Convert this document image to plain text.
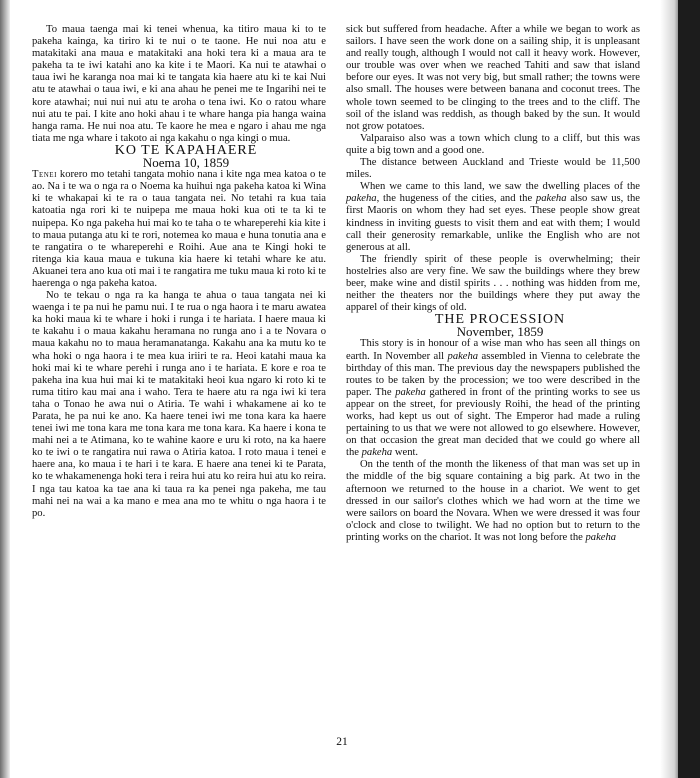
To maua taenga mai ki tenei whenua, ka titiro maua ki to te pakeha kainga, ka tiriro ki te nui o te taone. He nui noa atu e matakitaki ana maua e matakitaki ana hoki tera ki a maua ara te pakeha ta te iwi katahi ano ka kite i te Maori. Ka nui te atawhai o taua iwi he karanga noa mai ki te tangata kia haere atu ki te kai Nui atu te atawhai o taua iwi, e ki ana ahau he penei me te Ingarihi nei te kore atawhai; nui nui nui atu te aroha o tena iwi. Ko o ratou whare nui atu te pai. I kite ano hoki ahau i te whare hanga pia hanga waina hanga rama. He nui noa atu. Te kaore he mea e ngaro i ahau me nga tiata me nga whare i takoto ai nga kakahu o nga kingi o mua.

KO TE KAPAHAERE

Noema 10, 1859

Tenei korero mo tetahi tangata mohio nana i kite nga mea katoa o te ao. Na i te wa o nga ra o Noema ka huihui nga pakeha katoa ki Wina ki te whakapai ki te ra o taua tangata nei. No tetahi ra kua taia katoatia nga rori ki te nuipepa me maua hoki kua oti te ta ki te nuipepa. Ko nga pakeha hui mai ko te taha o te whareperehi kia kite i to maua putanga atu ki te rori, notemea ko maua e huna tonutia ana e te rangatira o te whareperehi e Roihi. Aue ana te Kingi hoki te ritenga kia kaua maua e tukuna kia haere ki tetahi whare ke atu. Akuanei tera ano kua oti mai i te rangatira me tuku maua ki roto ki te haerenga o nga pakeha katoa.

No te tekau o nga ra ka hanga te ahua o taua tangata nei ki waenga i te pa nui he pamu nui. I te rua o nga haora i te maru awatea ka hoki maua ki te whare i hoki i runga i te hariata. I haere maua ki te kakahu i o maua kakahu heramana no runga ano i a te Novara o maua kakahu no to maua heramanatanga. Kakahu ana ka mutu ko te wha hoki o nga haora i te mea kua iriiri te ra. Heoi katahi maua ka hoki mai ki te whare perehi i runga ano i te hariata. E kore e roa te pakeha ina kua hui mai ki te matakitaki heoi kua ngaro ki roto ki te ruma titiro kau mai ana i waho. Tera te haere atu ra nga iwi ki tera taha o Tonao he awa nui o Atiria. Te wahi i whakamene ai ko te Parata, he pa nui ke ano. Ka haere tenei iwi me tona kara ka haere tenei iwi me tona kara me tona kara me tona kara. Ka haere i kona te mahi nei a te Atimana, ko te wahine kaore e uru ki roto, na ka haere ko te iwi o te rangatira nui rawa o Atiria katoa. I roto maua i tenei e haere ana, ko maua i te hari i te kara. E haere ana tenei ki te Parata, ko te whakamenenga hoki tera i reira hui atu ko reira hui atu ko reira. I nga tau katoa ka tae ana ki taua ra ka penei nga pakeha, me tau mahi nei na wai a ka mano e mea ana mo te whitu o nga haora i te po.

sick but suffered from headache. After a while we began to work as sailors. I have seen the work done on a sailing ship, it is unpleasant and really tough, although I would not call it heavy work. However, our trouble was over when we reached Tahiti and saw that island before our eyes. It was not very big, but small rather; the towns were also small. The houses were between banana and coconut trees. The whole town seemed to be clinging to the trees and to the cliff. The soil of the island was reddish, as though baked by the sun. It would not grow potatoes.

Valparaiso also was a town which clung to a cliff, but this was quite a big town and a good one.

The distance between Auckland and Trieste would be 11,500 miles.

When we came to this land, we saw the dwelling places of the pakeha, the hugeness of the cities, and the pakeha also saw us, the first Maoris on whom they had set eyes. These people show great kindness in inviting guests to visit them and eat with them; I would call their generosity remarkable, unlike the English who are not generous at all.

The friendly spirit of these people is overwhelming; their hostelries also are very fine. We saw the buildings where they brew beer, make wine and distil spirits . . . nothing was hidden from me, neither the theaters nor the buildings where they put away the apparel of their kings of old.

THE PROCESSION

November, 1859

This story is in honour of a wise man who has seen all things on earth. In November all pakeha assembled in Vienna to celebrate the birthday of this man. The previous day the newspapers published the routes to be taken by the procession; we too were described in the paper. The pakeha gathered in front of the printing works to see us appear on the street, for previously Roihi, the head of the printing works, had kept us out of sight. The Emperor had made a ruling pertaining to us that we were not allowed to go elsewhere. However, on that occasion the great man decided that we could go where all the pakeha went.

On the tenth of the month the likeness of that man was set up in the middle of the big square containing a big park. At two in the afternoon we returned to the house in a chariot. We went to get dressed in our sailor's clothes which we had worn at the time we were sailors on board the Novara. When we were dressed it was four o'clock and close to twilight. We had no option but to return to the printing works on the chariot. It was not long before the pakeha

21
